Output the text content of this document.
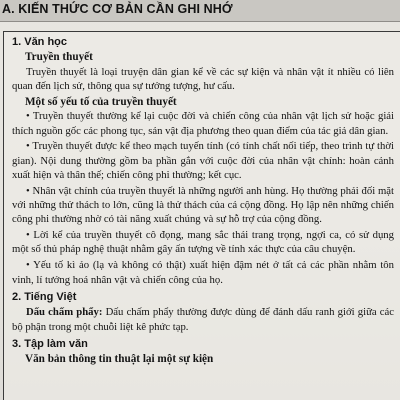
A. KIẾN THỨC CƠ BẢN CẦN GHI NHỚ
1. Văn học
Truyền thuyết
Truyền thuyết là loại truyện dân gian kể về các sự kiện và nhân vật ít nhiều có liên quan đến lịch sử, thông qua sự tưởng tượng, hư cấu.
Một số yếu tố của truyền thuyết
• Truyền thuyết thường kể lại cuộc đời và chiến công của nhân vật lịch sử hoặc giải thích nguồn gốc các phong tục, sản vật địa phương theo quan điểm của tác giả dân gian.
• Truyền thuyết được kể theo mạch tuyến tính (có tính chất nối tiếp, theo trình tự thời gian). Nội dung thường gồm ba phần gắn với cuộc đời của nhân vật chính: hoàn cảnh xuất hiện và thân thế; chiến công phi thường; kết cục.
• Nhân vật chính của truyền thuyết là những người anh hùng. Họ thường phải đối mặt với những thử thách to lớn, cũng là thử thách của cả cộng đồng. Họ lập nên những chiến công phi thường nhờ có tài năng xuất chúng và sự hỗ trợ của cộng đồng.
• Lời kể của truyền thuyết cô đọng, mang sắc thái trang trọng, ngợi ca, có sử dụng một số thủ pháp nghệ thuật nhằm gây ấn tượng về tính xác thực của câu chuyện.
• Yếu tố kì ảo (lạ và không có thật) xuất hiện đậm nét ở tất cả các phần nhằm tôn vinh, lí tưởng hoá nhân vật và chiến công của họ.
2. Tiếng Việt
Dấu chấm phẩy: Dấu chấm phẩy thường được dùng để đánh dấu ranh giới giữa các bộ phận trong một chuỗi liệt kê phức tạp.
3. Tập làm văn
Văn bản thông tin thuật lại một sự kiện
